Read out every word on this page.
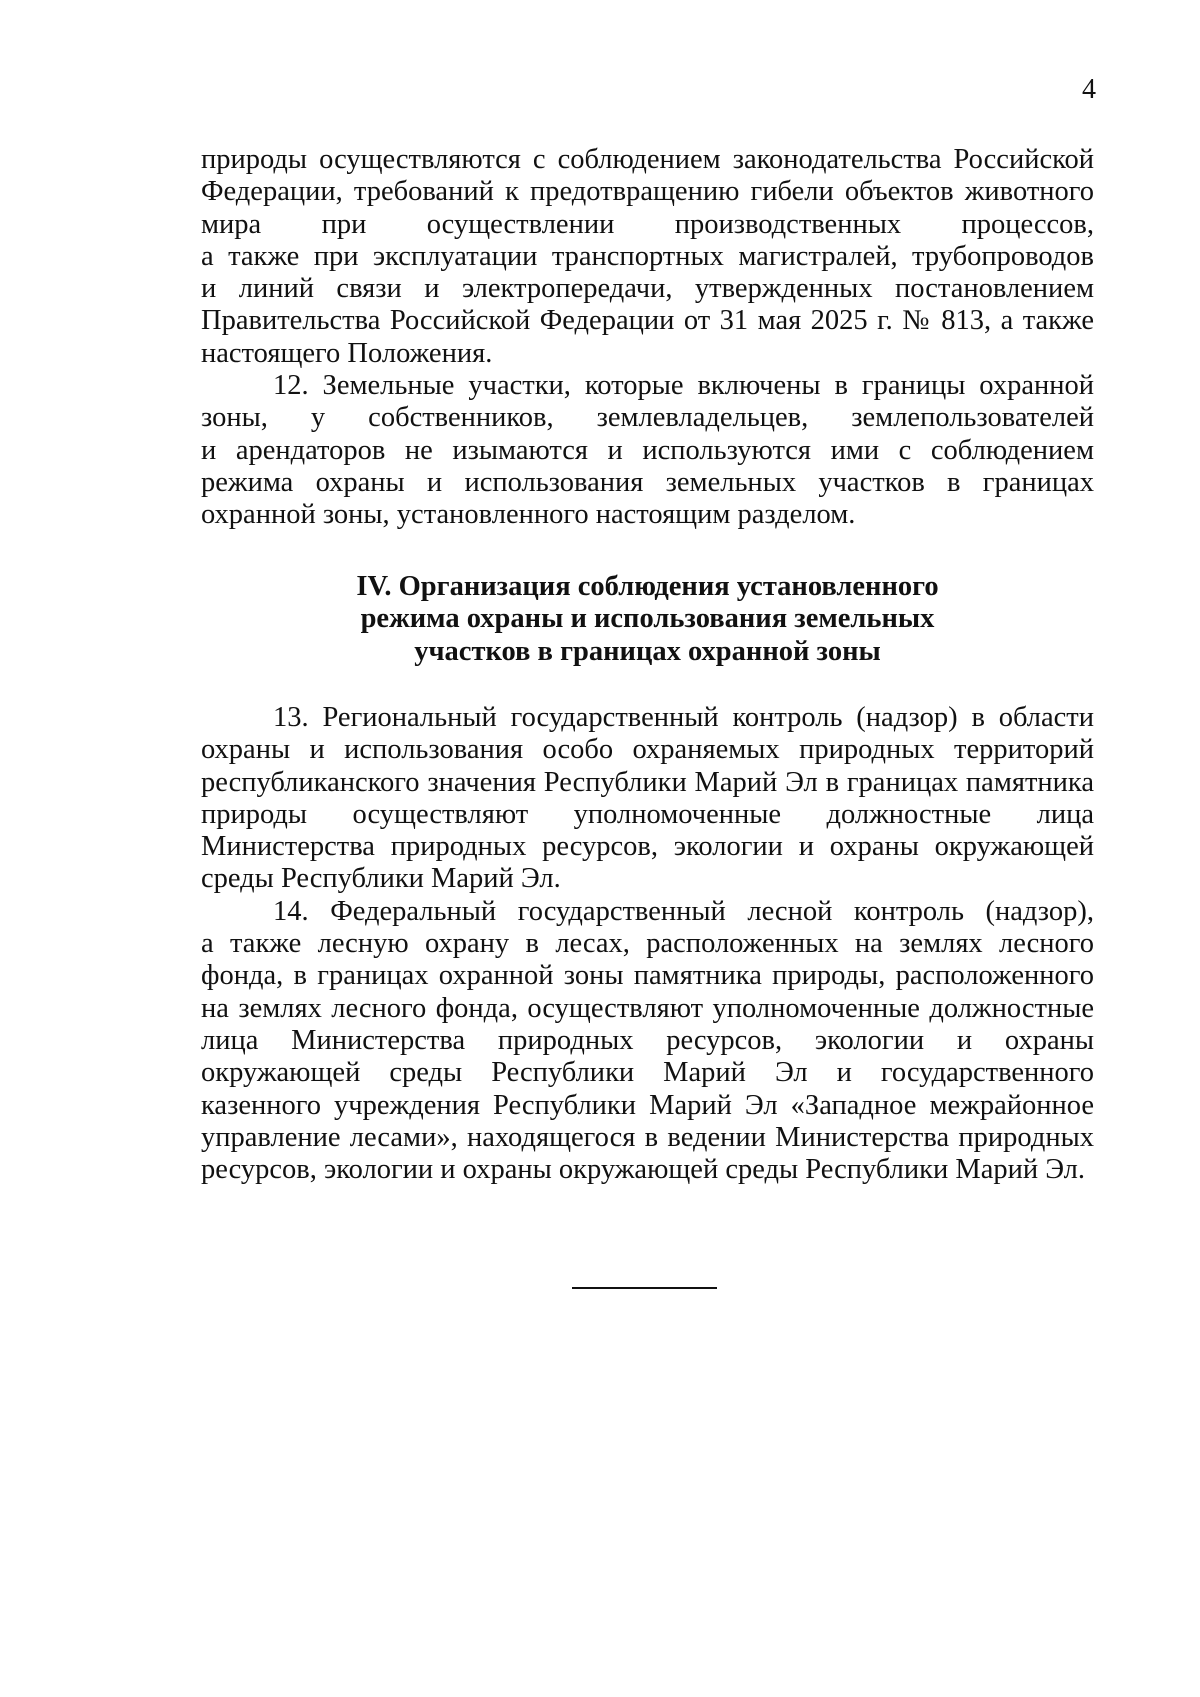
4
природы осуществляются с соблюдением законодательства Российской
Федерации, требований к предотвращению гибели объектов животного
мира при осуществлении производственных процессов,
а также при эксплуатации транспортных магистралей, трубопроводов
и линий связи и электропередачи, утвержденных постановлением
Правительства Российской Федерации от 31 мая 2025 г. № 813, а также
настоящего Положения.
12. Земельные участки, которые включены в границы охранной
зоны, у собственников, землевладельцев, землепользователей
и арендаторов не изымаются и используются ими с соблюдением
режима охраны и использования земельных участков в границах
охранной зоны, установленного настоящим разделом.
IV. Организация соблюдения установленного
режима охраны и использования земельных
участков в границах охранной зоны
13. Региональный государственный контроль (надзор) в области
охраны и использования особо охраняемых природных территорий
республиканского значения Республики Марий Эл в границах памятника
природы осуществляют уполномоченные должностные лица
Министерства природных ресурсов, экологии и охраны окружающей
среды Республики Марий Эл.
14. Федеральный государственный лесной контроль (надзор),
а также лесную охрану в лесах, расположенных на землях лесного
фонда, в границах охранной зоны памятника природы, расположенного
на землях лесного фонда, осуществляют уполномоченные должностные
лица Министерства природных ресурсов, экологии и охраны
окружающей среды Республики Марий Эл и государственного
казенного учреждения Республики Марий Эл «Западное межрайонное
управление лесами», находящегося в ведении Министерства природных
ресурсов, экологии и охраны окружающей среды Республики Марий Эл.
